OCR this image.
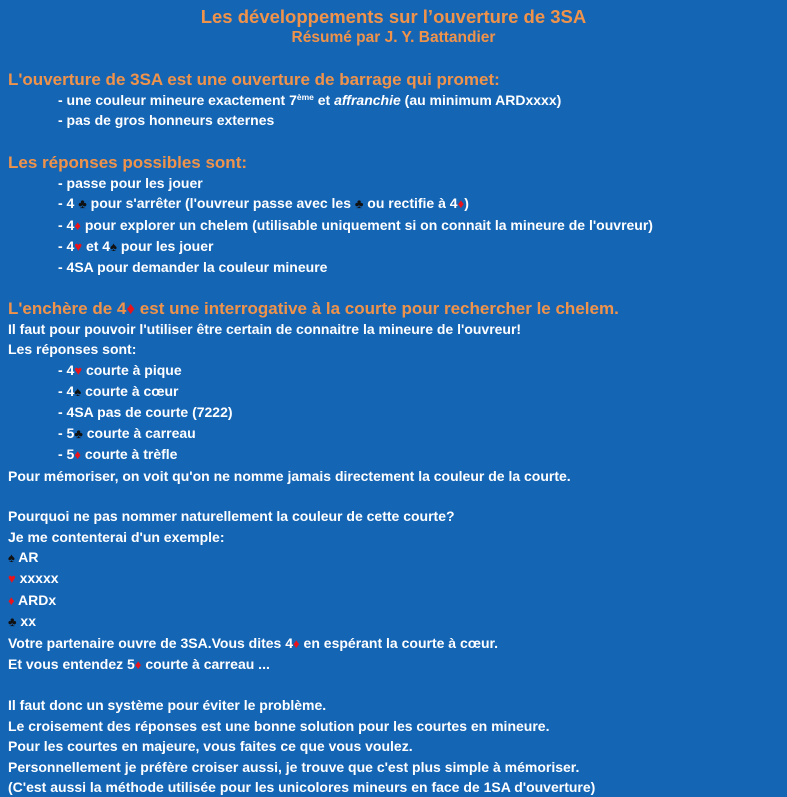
Les développements sur l’ouverture de 3SA
Résumé par J. Y. Battandier
L'ouverture de 3SA est une ouverture de barrage qui promet:
- une couleur mineure exactement 7ème et affranchie (au minimum ARDxxxx)
- pas de gros honneurs externes
Les réponses possibles sont:
- passe pour les jouer
- 4 ♣ pour s'arrêter (l'ouvreur passe avec les ♣ ou rectifie à 4♦)
- 4♦ pour explorer un chelem (utilisable uniquement si on connait la mineure de l'ouvreur)
- 4♥ et 4♠ pour les jouer
- 4SA pour demander la couleur mineure
L'enchère de 4♦ est une interrogative à la courte pour rechercher le chelem.
Il faut pour pouvoir l'utiliser être certain de connaitre la mineure de l'ouvreur!
Les réponses sont:
- 4♥ courte à pique
- 4♠ courte à cœur
- 4SA pas de courte (7222)
- 5♣ courte à carreau
- 5♦ courte à trèfle
Pour mémoriser, on voit qu'on ne nomme jamais directement la couleur de la courte.
Pourquoi ne pas nommer naturellement la couleur de cette courte?
Je me contenterai d'un exemple:
♠ AR
♥ xxxxx
♦ ARDx
♣ xx
Votre partenaire ouvre de 3SA.Vous dites 4♦ en espérant la courte à cœur.
Et vous entendez 5♦ courte à carreau ...
Il faut donc un système pour éviter le problème.
Le croisement des réponses est une bonne solution pour les courtes en mineure.
Pour les courtes en majeure, vous faites ce que vous voulez.
Personnellement je préfère croiser aussi, je trouve que c'est plus simple à mémoriser.
(C'est aussi la méthode utilisée pour les unicolores mineurs en face de 1SA d'ouverture)
